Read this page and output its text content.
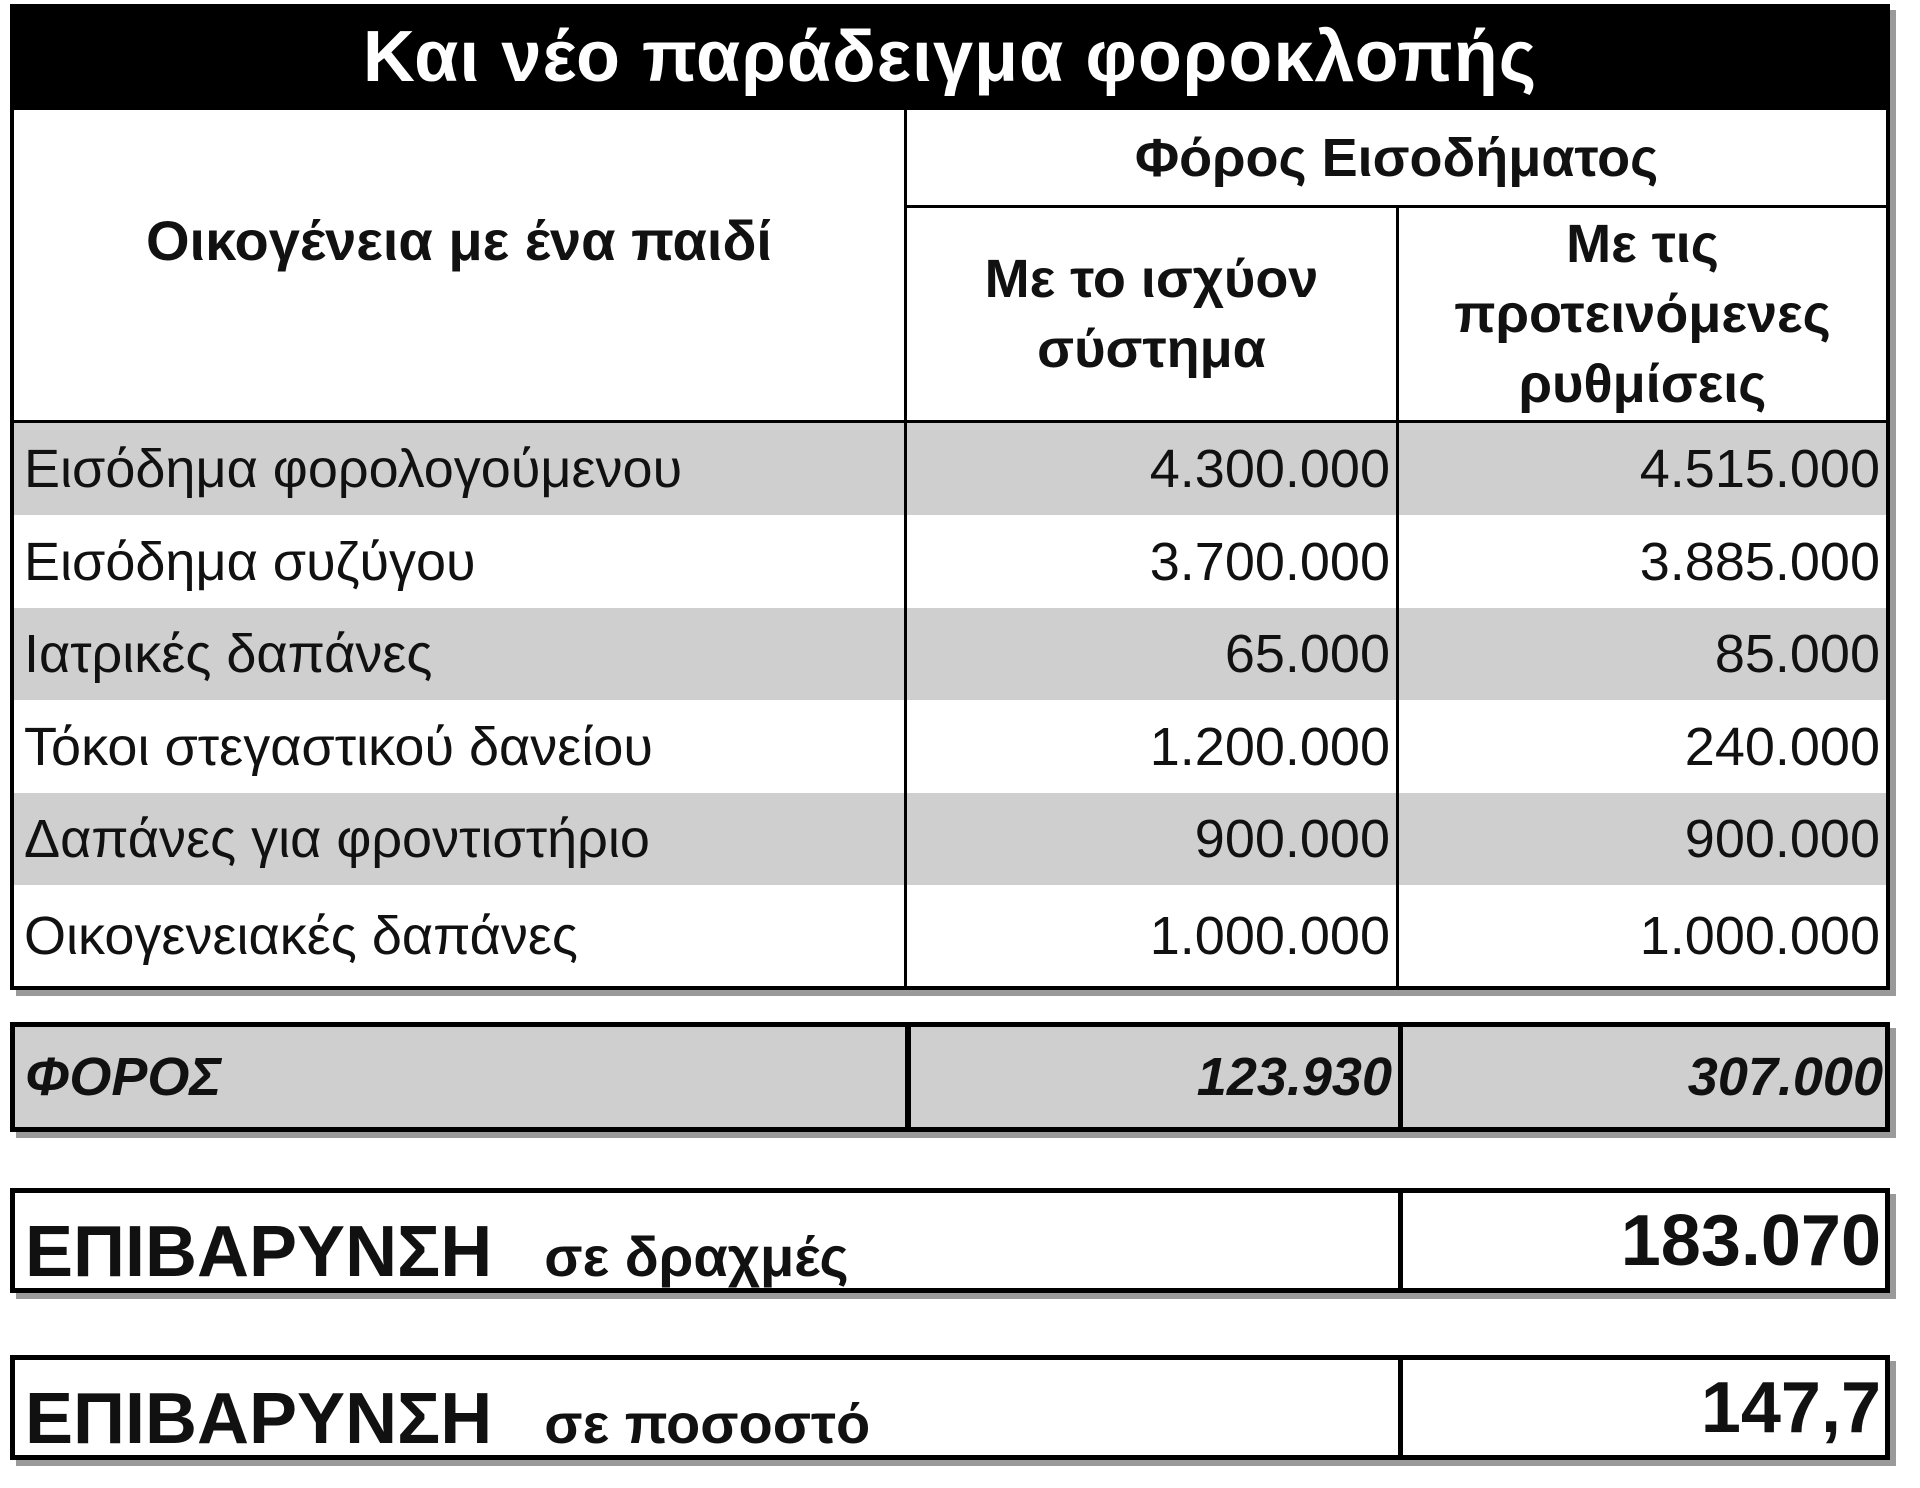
Και νέο παράδειγμα φοροκλοπής
Οικογένεια με ένα παιδί
Φόρος Εισοδήματος
Με το ισχύον σύστημα
Με τις προτεινόμενες ρυθμίσεις
Εισόδημα φορολογούμενου	4.300.000	4.515.000
Εισόδημα συζύγου	3.700.000	3.885.000
Ιατρικές δαπάνες	65.000	85.000
Τόκοι στεγαστικού δανείου	1.200.000	240.000
Δαπάνες για φροντιστήριο	900.000	900.000
Οικογενειακές δαπάνες	1.000.000	1.000.000
ΦΟΡΟΣ	123.930	307.000
ΕΠΙΒΑΡΥΝΣΗ σε δραχμές	183.070
ΕΠΙΒΑΡΥΝΣΗ σε ποσοστό	147,7
